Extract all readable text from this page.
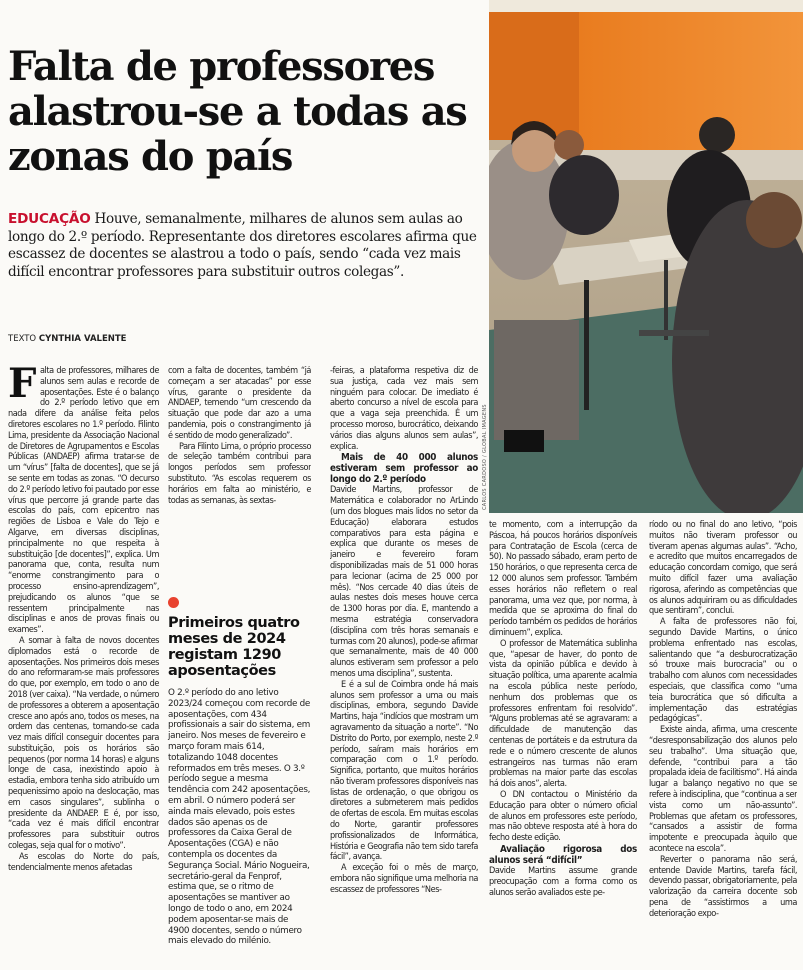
Falta de professores alastrou-se a todas as zonas do país

EDUCAÇÃO Houve, semanalmente, milhares de alunos sem aulas ao longo do 2.º período. Representante dos diretores escolares afirma que escassez de docentes se alastrou a todo o país, sendo “cada vez mais difícil encontrar professores para substituir outros colegas”.

TEXTO CYNTHIA VALENTE
CARLOS CARDOSO / GLOBAL IMAGENS

Falta de professores, milhares de alunos sem aulas e recorde de aposentações. Este é o balanço do 2.º período letivo que em nada difere da análise feita pelos diretores escolares no 1.º período. Filinto Lima, presidente da Associação Nacional de Diretores de Agrupamentos e Escolas Públicas (ANDAEP) afirma tratar-se de um “vírus” [falta de docentes], que se já se sente em todas as zonas. “O decurso do 2.º período letivo foi pautado por esse vírus que percorre já grande parte das escolas do país, com epicentro nas regiões de Lisboa e Vale do Tejo e Algarve, em diversas disciplinas, principalmente no que respeita à substituição [de docentes]”, explica. Um panorama que, conta, resulta num “enorme constrangimento para o processo ensino-aprendizagem”, prejudicando os alunos “que se ressentem principalmente nas disciplinas e anos de provas finais ou exames”.

A somar à falta de novos docentes diplomados está o recorde de aposentações. Nos primeiros dois meses do ano reformaram-se mais professores do que, por exemplo, em todo o ano de 2018 (ver caixa). “Na verdade, o número de professores a obterem a aposentação cresce ano após ano, todos os meses, na ordem das centenas, tornando-se cada vez mais difícil conseguir docentes para substituição, pois os horários são pequenos (por norma 14 horas) e alguns longe de casa, inexistindo apoio à estadia, embora tenha sido atribuído um pequenissimo apoio na deslocação, mas em casos singulares”, sublinha o presidente da ANDAEP. E é, por isso, “cada vez é mais difícil encontrar professores para substituir outros colegas, seja qual for o motivo”.

As escolas do Norte do país, tendencialmente menos afetadas

com a falta de docentes, também “já começam a ser atacadas” por esse vírus, garante o presidente da ANDAEP, temendo “um crescendo da situação que pode dar azo a uma pandemia, pois o constrangimento já é sentido de modo generalizado”.

Para Filinto Lima, o próprio processo de seleção também contribui para longos períodos sem professor substituto. “As escolas requerem os horários em falta ao ministério, e todas as semanas, às sextas-

Primeiros quatro meses de 2024 registam 1290 aposentações
O 2.º período do ano letivo 2023/24 começou com recorde de aposentações, com 434 profissionais a sair do sistema, em janeiro. Nos meses de fevereiro e março foram mais 614, totalizando 1048 docentes reformados em três meses. O 3.º período segue a mesma tendência com 242 aposentações, em abril. O número poderá ser ainda mais elevado, pois estes dados são apenas os de professores da Caixa Geral de Aposentações (CGA) e não contempla os docentes da Segurança Social. Mário Nogueira, secretário-geral da Fenprof, estima que, se o ritmo de aposentações se mantiver ao longo de todo o ano, em 2024 podem aposentar-se mais de 4900 docentes, sendo o número mais elevado do milénio.

-feiras, a plataforma respetiva diz de sua justiça, cada vez mais sem ninguém para colocar. De imediato é aberto concurso a nível de escola para que a vaga seja preenchida. É um processo moroso, burocrático, deixando vários dias alguns alunos sem aulas”, explica.

Mais de 40 000 alunos estiveram sem professor ao longo do 2.º período

Davide Martins, professor de Matemática e colaborador no ArLindo (um dos blogues mais lidos no setor da Educação) elaborara estudos comparativos para esta página e explica que durante os meses de janeiro e fevereiro foram disponibilizadas mais de 51 000 horas para lecionar (acima de 25 000 por mês). “Nos cercade 40 dias úteis de aulas nestes dois meses houve cerca de 1300 horas por dia. E, mantendo a mesma estratégia conservadora (disciplina com três horas semanais e turmas com 20 alunos), pode-se afirmar que semanalmente, mais de 40 000 alunos estiveram sem professor a pelo menos uma disciplina”, sustenta.

E é a sul de Coimbra onde há mais alunos sem professor a uma ou mais disciplinas, embora, segundo Davide Martins, haja “indícios que mostram um agravamento da situação a norte”. “No Distrito do Porto, por exemplo, neste 2.º período, saíram mais horários em comparação com o 1.º período. Significa, portanto, que muitos horários não tiveram professores disponíveis nas listas de ordenação, o que obrigou os diretores a submeterem mais pedidos de ofertas de escola. Em muitas escolas do Norte, garantir professores profissionalizados de Informática, História e Geografia não tem sido tarefa fácil”, avança.

A exceção foi o mês de março, embora não signifique uma melhoria na escassez de professores “Nes-

te momento, com a interrupção da Páscoa, há poucos horários disponíveis para Contratação de Escola (cerca de 50). No passado sábado, eram perto de 150 horários, o que representa cerca de 12 000 alunos sem professor. Também esses horários não refletem o real panorama, uma vez que, por norma, à medida que se aproxima do final do período também os pedidos de horários diminuem”, explica.

O professor de Matemática sublinha que, “apesar de haver, do ponto de vista da opinião pública e devido à situação política, uma aparente acalmia na escola pública neste período, nenhum dos problemas que os professores enfrentam foi resolvido”. “Alguns problemas até se agravaram: a dificuldade de manutenção das centenas de portáteis e da estrutura da rede e o número crescente de alunos estrangeiros nas turmas não eram problemas na maior parte das escolas há dois anos”, alerta.

O DN contactou o Ministério da Educação para obter o número oficial de alunos em professores este período, mas não obteve resposta até à hora do fecho deste edição.

Avaliação rigorosa dos alunos será “difícil”

Davide Martins assume grande preocupação com a forma como os alunos serão avaliados este pe-

ríodo ou no final do ano letivo, “pois muitos não tiveram professor ou tiveram apenas algumas aulas”. “Acho, e acredito que muitos encarregados de educação concordam comigo, que será muito difícil fazer uma avaliação rigorosa, aferindo as competências que os alunos adquiriram ou as dificuldades que sentiram”, conclui.

A falta de professores não foi, segundo Davide Martins, o único problema enfrentado nas escolas, salientando que “a desburocratização só trouxe mais burocracia” ou o trabalho com alunos com necessidades especiais, que classifica como “uma teia burocrática que só dificulta a implementação das estratégias pedagógicas”.

Existe ainda, afirma, uma crescente “desresponsabilização dos alunos pelo seu trabalho”. Uma situação que, defende, “contribui para a tão propalada ideia de facilitismo”. Há ainda lugar a balanço negativo no que se refere à indisciplina, que “continua a ser vista como um não-assunto”. Problemas que afetam os professores, “cansados a assistir de forma impotente e preocupada àquilo que acontece na escola”.

Reverter o panorama não será, entende Davide Martins, tarefa fácil, devendo passar, obrigatoriamente, pela valorização da carreira docente sob pena de “assistirmos a uma deterioração expo-
